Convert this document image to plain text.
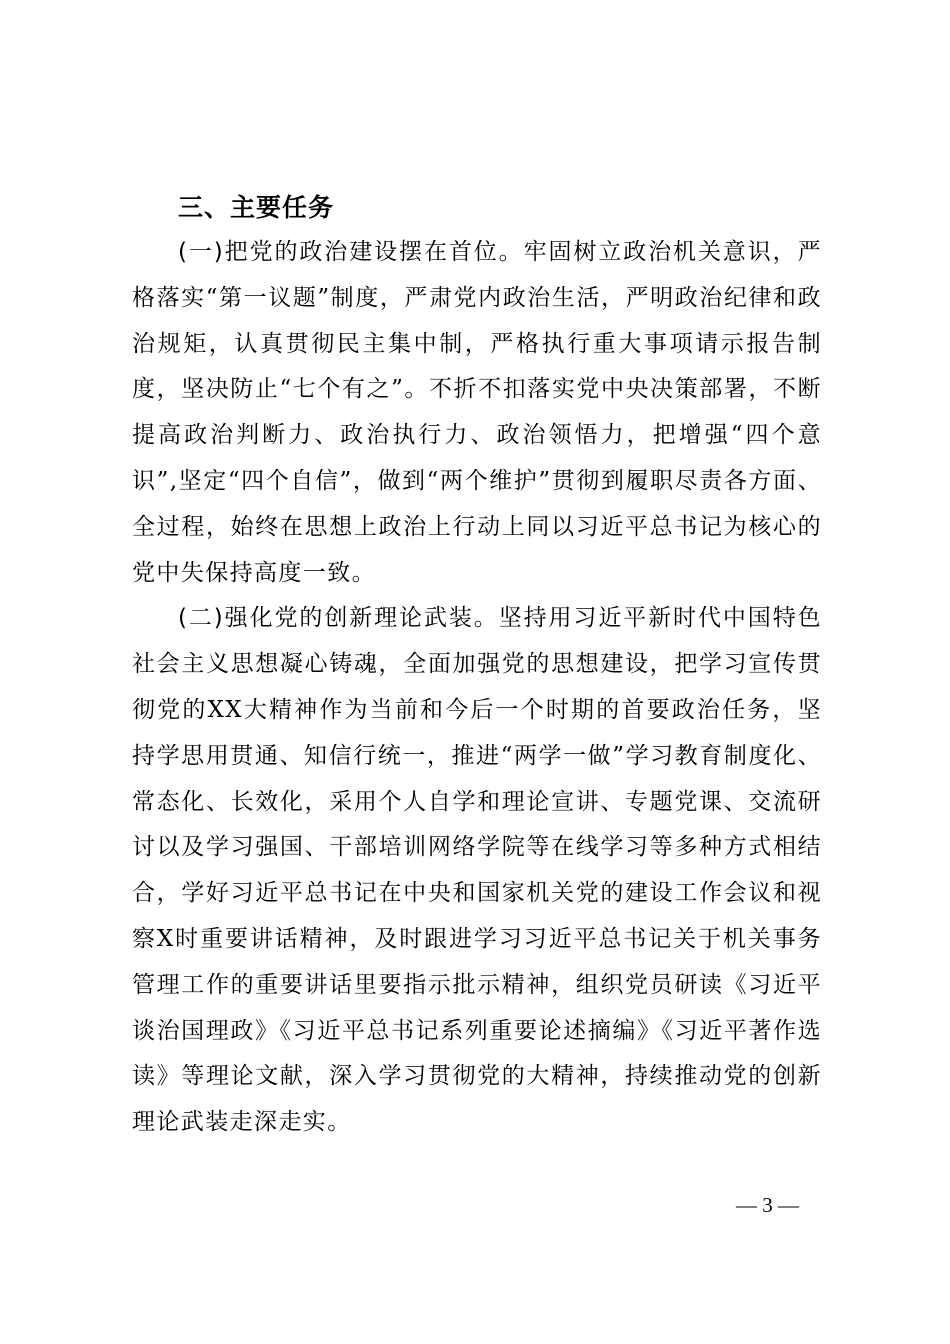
三、主要任务

(一)把党的政治建设摆在首位。牢固树立政治机关意识，严格落实“第一议题”制度，严肃党内政治生活，严明政治纪律和政治规矩，认真贯彻民主集中制，严格执行重大事项请示报告制度，坚决防止“七个有之”。不折不扣落实党中央决策部署，不断提高政治判断力、政治执行力、政治领悟力，把增强“四个意识”,坚定“四个自信”，做到“两个维护”贯彻到履职尽责各方面、全过程，始终在思想上政治上行动上同以习近平总书记为核心的党中失保持高度一致。

(二)强化党的创新理论武装。坚持用习近平新时代中国特色社会主义思想凝心铸魂，全面加强党的思想建设，把学习宣传贯彻党的XX大精神作为当前和今后一个时期的首要政治任务，坚持学思用贯通、知信行统一，推进“两学一做”学习教育制度化、常态化、长效化，采用个人自学和理论宣讲、专题党课、交流研讨以及学习强国、干部培训网络学院等在线学习等多种方式相结合，学好习近平总书记在中央和国家机关党的建设工作会议和视察X时重要讲话精神，及时跟进学习习近平总书记关于机关事务管理工作的重要讲话里要指示批示精神，组织党员研读《习近平谈治国理政》《习近平总书记系列重要论述摘编》《习近平著作选读》等理论文献，深入学习贯彻党的大精神，持续推动党的创新理论武装走深走实。

— 3 —
